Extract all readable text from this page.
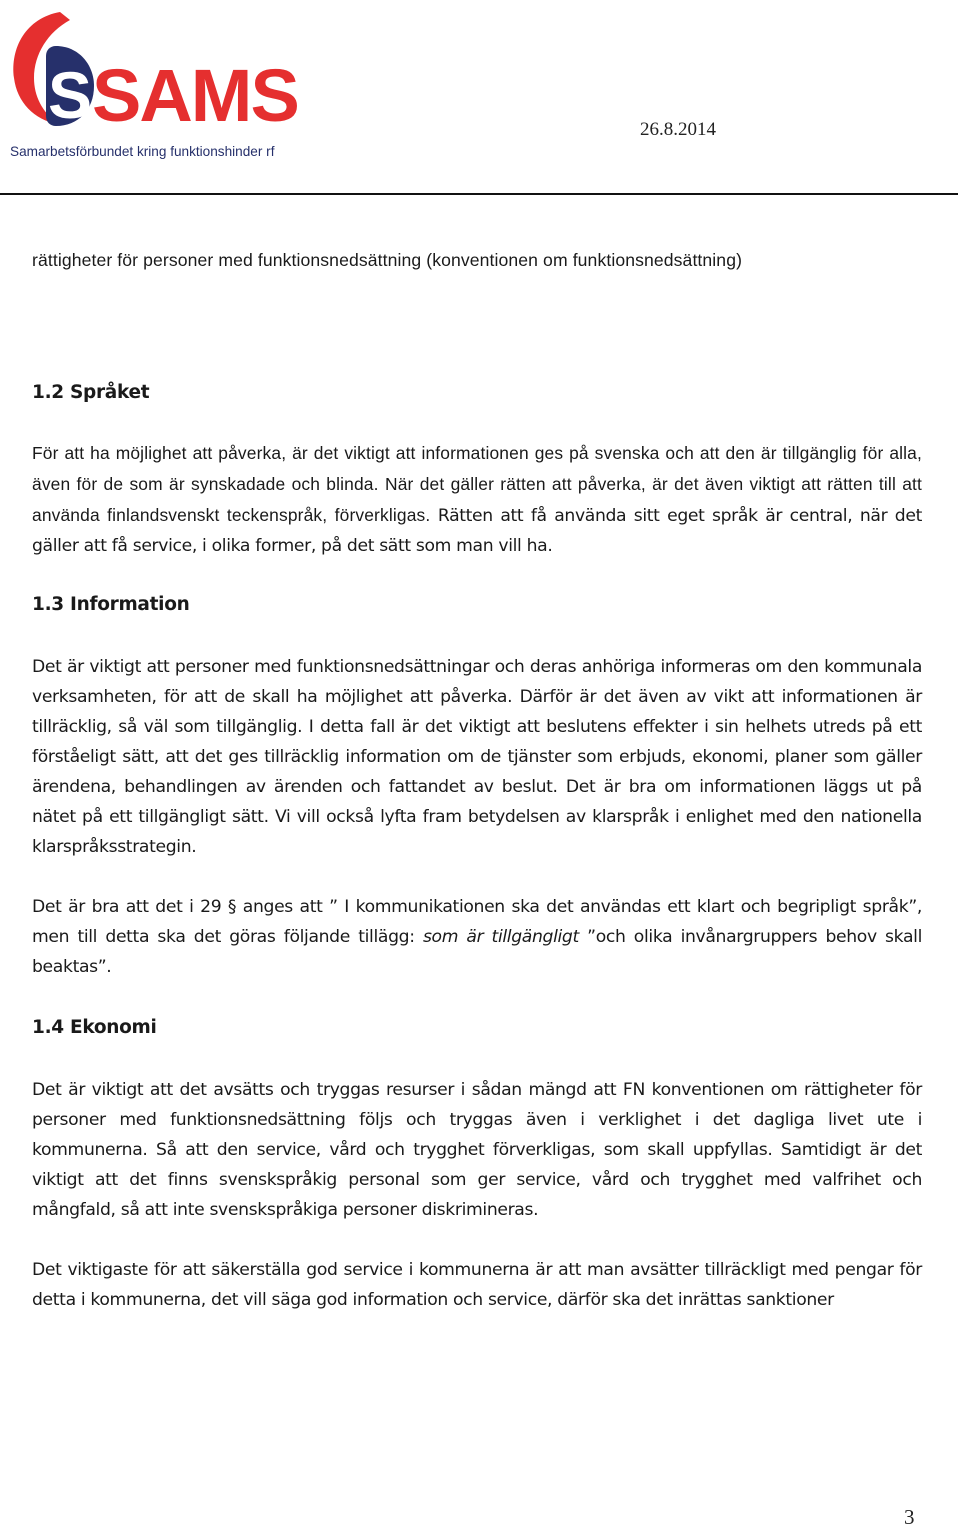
S SAMS
Samarbetsförbundet kring funktionshinder rf
26.8.2014
rättigheter för personer med funktionsnedsättning (konventionen om funktionsnedsättning)
1.2 Språket
För att ha möjlighet att påverka, är det viktigt att informationen ges på svenska och att den är tillgänglig för alla, även för de som är synskadade och blinda. När det gäller rätten att påverka, är det även viktigt att rätten till att använda finlandsvenskt teckenspråk, förverkligas. Rätten att få använda sitt eget språk är central, när det gäller att få service, i olika former, på det sätt som man vill ha.
1.3 Information
Det är viktigt att personer med funktionsnedsättningar och deras anhöriga informeras om den kommunala verksamheten, för att de skall ha möjlighet att påverka. Därför är det även av vikt att informationen är tillräcklig, så väl som tillgänglig. I detta fall är det viktigt att beslutens effekter i sin helhets utreds på ett förståeligt sätt, att det ges tillräcklig information om de tjänster som erbjuds, ekonomi, planer som gäller ärendena, behandlingen av ärenden och fattandet av beslut. Det är bra om informationen läggs ut på nätet på ett tillgängligt sätt. Vi vill också lyfta fram betydelsen av klarspråk i enlighet med den nationella klarspråksstrategin.
Det är bra att det i 29 § anges att ” I kommunikationen ska det användas ett klart och begripligt språk”, men till detta ska det göras följande tillägg: som är tillgängligt ”och olika invånargruppers behov skall beaktas”.
1.4 Ekonomi
Det är viktigt att det avsätts och tryggas resurser i sådan mängd att FN konventionen om rättigheter för personer med funktionsnedsättning följs och tryggas även i verklighet i det dagliga livet ute i kommunerna. Så att den service, vård och trygghet förverkligas, som skall uppfyllas. Samtidigt är det viktigt att det finns svenskspråkig personal som ger service, vård och trygghet med valfrihet och mångfald, så att inte svenskspråkiga personer diskrimineras.
Det viktigaste för att säkerställa god service i kommunerna är att man avsätter tillräckligt med pengar för detta i kommunerna, det vill säga god information och service, därför ska det inrättas sanktioner
3
